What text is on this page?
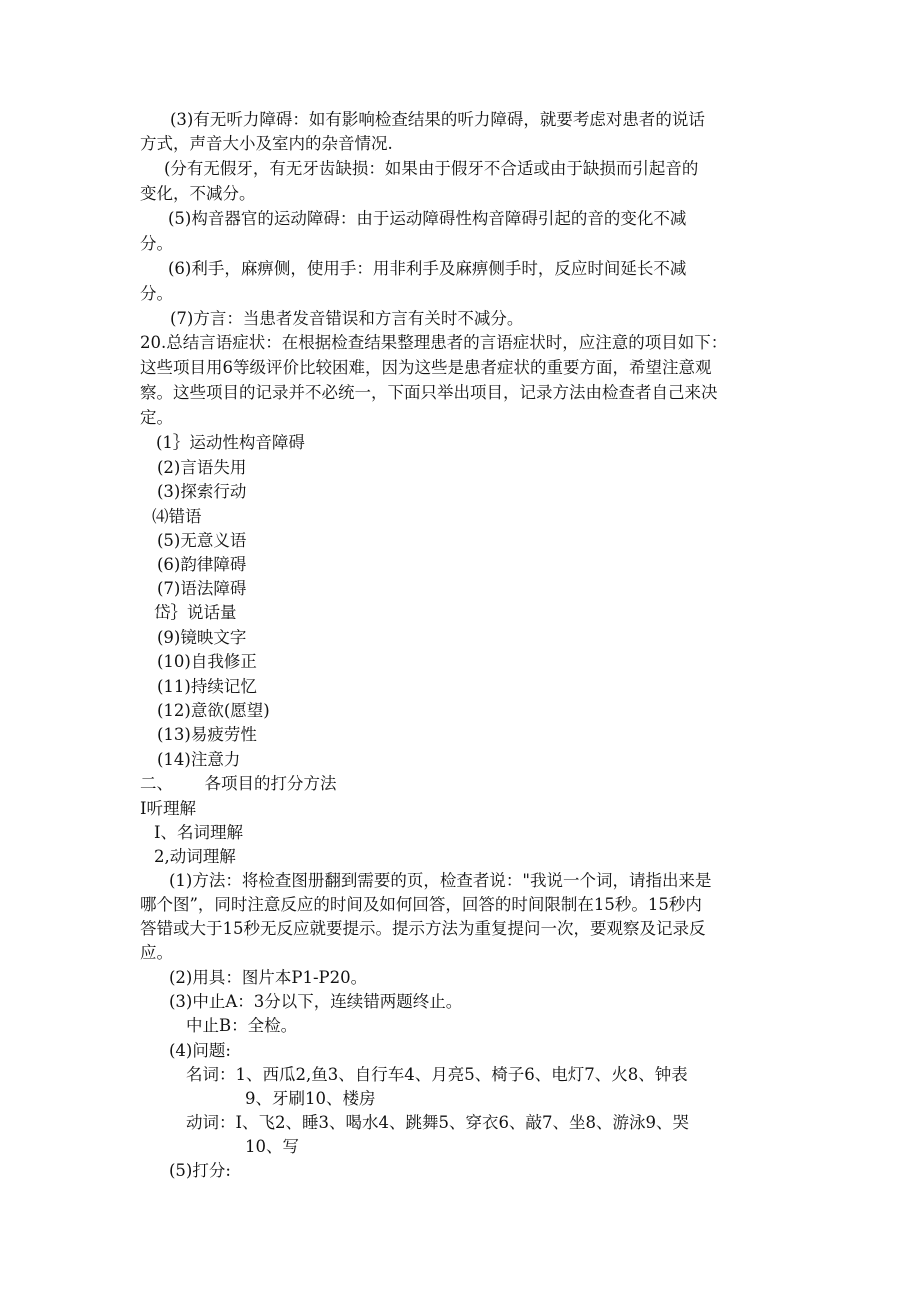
(3)有无听力障碍：如有影响检查结果的听力障碍，就要考虑对患者的说话
方式，声音大小及室内的杂音情况.
(分有无假牙，有无牙齿缺损：如果由于假牙不合适或由于缺损而引起音的
变化，不减分。
(5)构音器官的运动障碍：由于运动障碍性构音障碍引起的音的变化不减
分。
(6)利手，麻痹侧，使用手：用非利手及麻痹侧手时，反应时间延长不减
分。
(7)方言：当患者发音错误和方言有关时不减分。
20.总结言语症状：在根据检查结果整理患者的言语症状时，应注意的项目如下：
这些项目用6等级评价比较困难，因为这些是患者症状的重要方面，希望注意观
察。这些项目的记录并不必统一，下面只举出项目，记录方法由检查者自己来决
定。
(1｝运动性构音障碍
(2)言语失用
(3)探索行动
⑷错语
(5)无意义语
(6)韵律障碍
(7)语法障碍
岱｝说话量
(9)镜映文字
(10)自我修正
(11)持续记忆
(12)意欲(愿望)
(13)易疲劳性
(14)注意力
二、      各项目的打分方法
I听理解
I、名词理解
2,动词理解
(1)方法：将检查图册翻到需要的页，检查者说："我说一个词，请指出来是
哪个图”，同时注意反应的时间及如何回答，回答的时间限制在15秒。15秒内
答错或大于15秒无反应就要提示。提示方法为重复提问一次，要观察及记录反
应。
(2)用具：图片本P1-P20。
(3)中止A：3分以下，连续错两题终止。
中止B：全检。
(4)问题:
名词：1、西瓜2,鱼3、自行车4、月亮5、椅子6、电灯7、火8、钟表
9、牙刷10、楼房
动词：I、飞2、睡3、喝水4、跳舞5、穿衣6、敲7、坐8、游泳9、哭
10、写
(5)打分:
